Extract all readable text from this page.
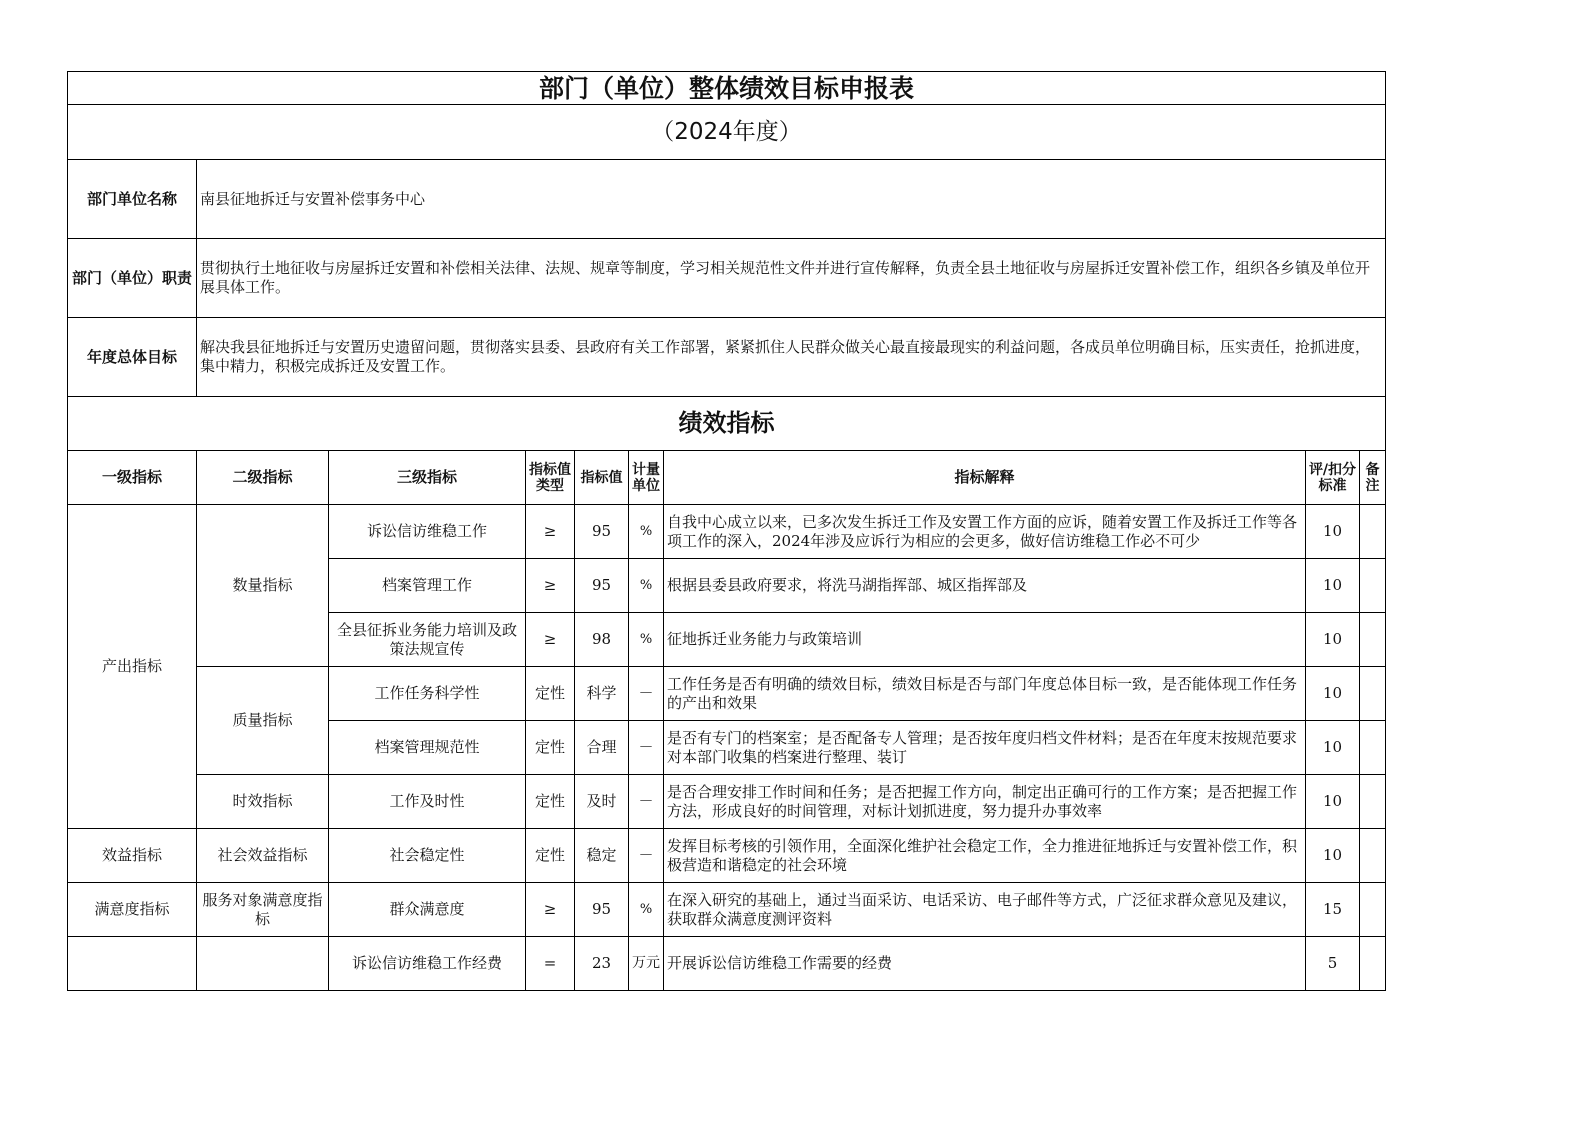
部门（单位）整体绩效目标申报表								
（2024年度）								
部门单位名称	南县征地拆迁与安置补偿事务中心							
部门（单位）职责	贯彻执行土地征收与房屋拆迁安置和补偿相关法律、法规、规章等制度，学习相关规范性文件并进行宣传解释，负责全县土地征收与房屋拆迁安置补偿工作，组织各乡镇及单位开展具体工作。							
年度总体目标	解决我县征地拆迁与安置历史遗留问题，贯彻落实县委、县政府有关工作部署，紧紧抓住人民群众做关心最直接最现实的利益问题，各成员单位明确目标，压实责任，抢抓进度，集中精力，积极完成拆迁及安置工作。							
绩效指标								
一级指标	二级指标	三级指标	指标值类型	指标值	计量单位	指标解释	评/扣分标准	备注
产出指标	数量指标	诉讼信访维稳工作	≥	95	%	自我中心成立以来，已多次发生拆迁工作及安置工作方面的应诉，随着安置工作及拆迁工作等各项工作的深入，2024年涉及应诉行为相应的会更多，做好信访维稳工作必不可少	10	
		档案管理工作	≥	95	%	根据县委县政府要求，将洗马湖指挥部、城区指挥部及	10	
		全县征拆业务能力培训及政策法规宣传	≥	98	%	征地拆迁业务能力与政策培训	10	
	质量指标	工作任务科学性	定性	科学	－	工作任务是否有明确的绩效目标，绩效目标是否与部门年度总体目标一致，是否能体现工作任务的产出和效果	10	
		档案管理规范性	定性	合理	－	是否有专门的档案室；是否配备专人管理；是否按年度归档文件材料；是否在年度末按规范要求对本部门收集的档案进行整理、装订	10	
	时效指标	工作及时性	定性	及时	－	是否合理安排工作时间和任务；是否把握工作方向，制定出正确可行的工作方案；是否把握工作方法，形成良好的时间管理，对标计划抓进度，努力提升办事效率	10	
效益指标	社会效益指标	社会稳定性	定性	稳定	－	发挥目标考核的引领作用，全面深化维护社会稳定工作，全力推进征地拆迁与安置补偿工作，积极营造和谐稳定的社会环境	10	
满意度指标	服务对象满意度指标	群众满意度	≥	95	%	在深入研究的基础上，通过当面采访、电话采访、电子邮件等方式，广泛征求群众意见及建议，获取群众满意度测评资料	15	
		诉讼信访维稳工作经费	=	23	万元	开展诉讼信访维稳工作需要的经费	5	
